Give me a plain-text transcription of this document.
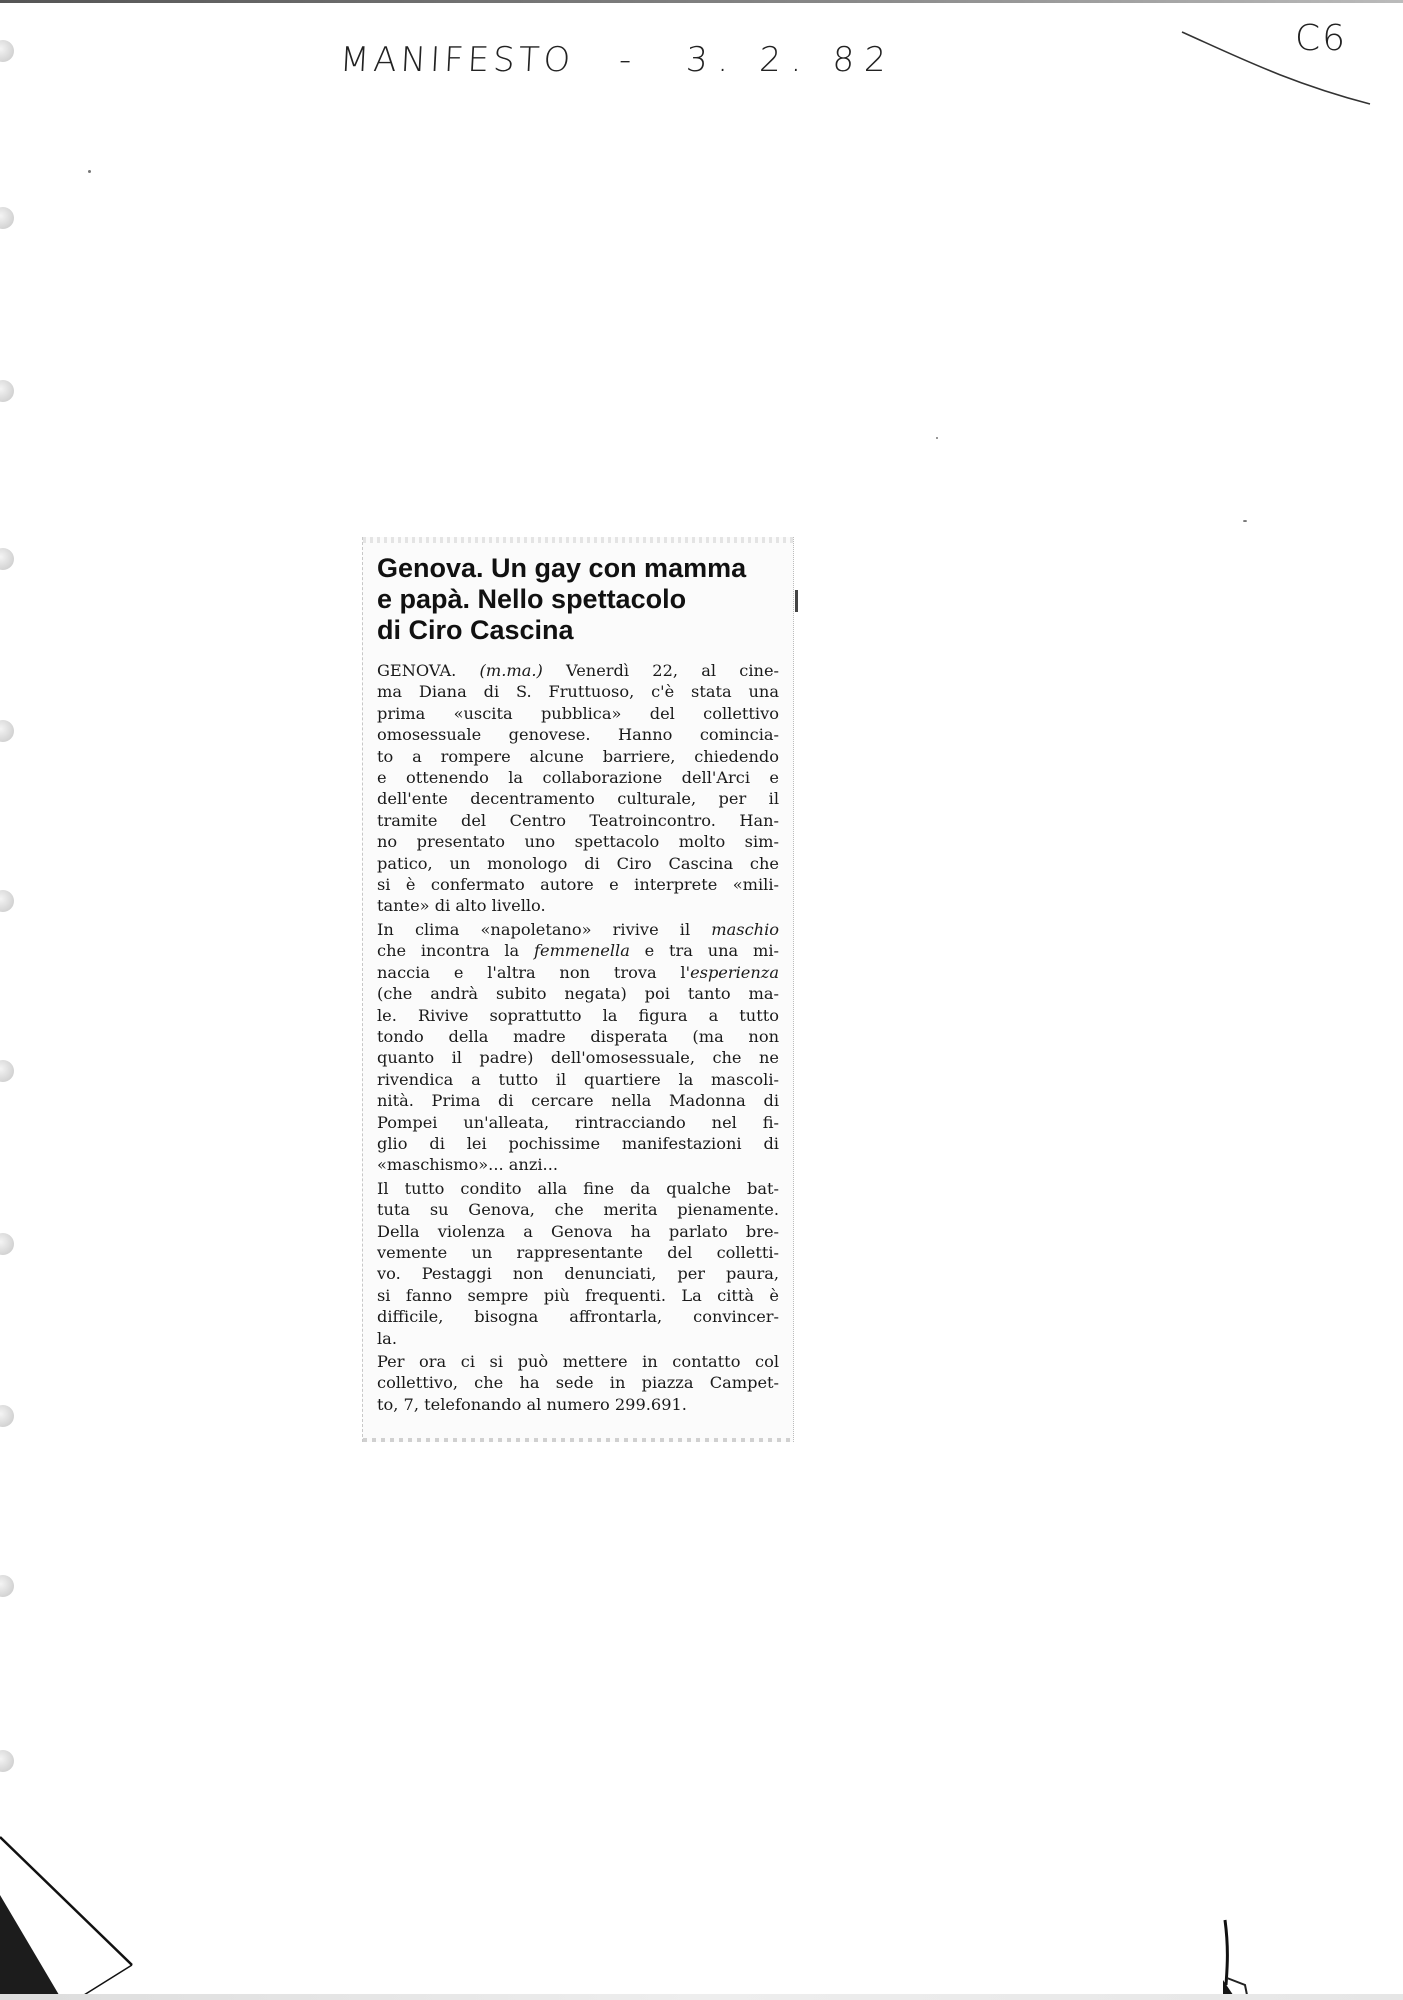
MANIFESTO - 3. 2. 82
C6
Genova. Un gay con mamma
e papà. Nello spettacolo
di Ciro Cascina

GENOVA. (m.ma.) Venerdì 22, al cine-
ma Diana di S. Fruttuoso, c'è stata una
prima «uscita pubblica» del collettivo
omosessuale genovese. Hanno comincia-
to a rompere alcune barriere, chiedendo
e ottenendo la collaborazione dell'Arci e
dell'ente decentramento culturale, per il
tramite del Centro Teatroincontro. Han-
no presentato uno spettacolo molto sim-
patico, un monologo di Ciro Cascina che
si è confermato autore e interprete «mili-
tante» di alto livello.

In clima «napoletano» rivive il maschio
che incontra la femmenella e tra una mi-
naccia e l'altra non trova l'esperienza
(che andrà subito negata) poi tanto ma-
le. Rivive soprattutto la figura a tutto
tondo della madre disperata (ma non
quanto il padre) dell'omosessuale, che ne
rivendica a tutto il quartiere la mascoli-
nità. Prima di cercare nella Madonna di
Pompei un'alleata, rintracciando nel fi-
glio di lei pochissime manifestazioni di
«maschismo»... anzi...

Il tutto condito alla fine da qualche bat-
tuta su Genova, che merita pienamente.
Della violenza a Genova ha parlato bre-
vemente un rappresentante del colletti-
vo. Pestaggi non denunciati, per paura,
si fanno sempre più frequenti. La città è
difficile, bisogna affrontarla, convincer-
la.

Per ora ci si può mettere in contatto col
collettivo, che ha sede in piazza Campet-
to, 7, telefonando al numero 299.691.
